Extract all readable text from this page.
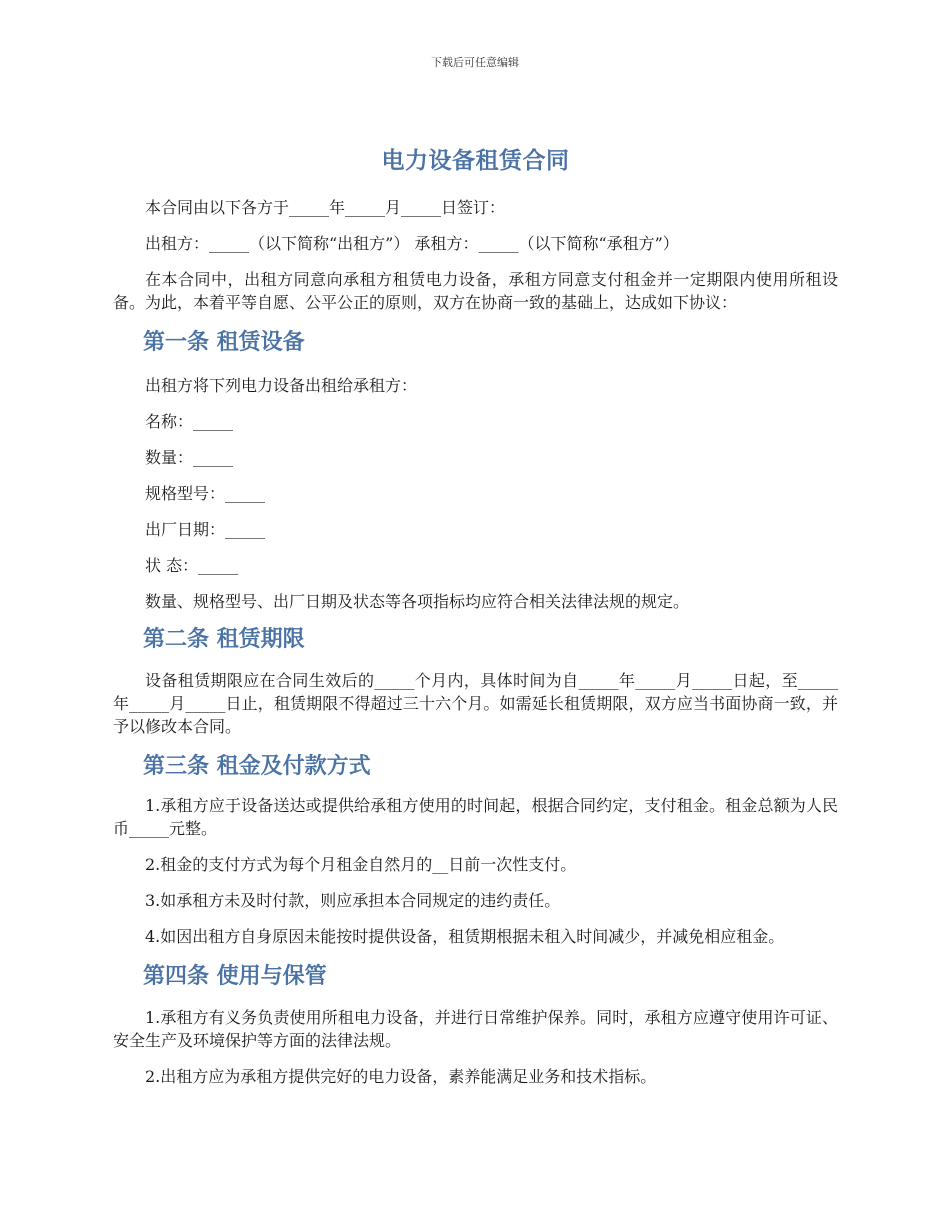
下载后可任意编辑
电力设备租赁合同

本合同由以下各方于_____年_____月_____日签订：

出租方：_____（以下简称“出租方”） 承租方：_____（以下简称“承租方”）

在本合同中，出租方同意向承租方租赁电力设备，承租方同意支付租金并一定期限内使用所租设备。为此，本着平等自愿、公平公正的原则，双方在协商一致的基础上，达成如下协议：

第一条 租赁设备

出租方将下列电力设备出租给承租方：

名称：_____

数量：_____

规格型号：_____

出厂日期：_____

状 态：_____

数量、规格型号、出厂日期及状态等各项指标均应符合相关法律法规的规定。

第二条 租赁期限

设备租赁期限应在合同生效后的_____个月内，具体时间为自_____年_____月_____日起，至_____年_____月_____日止，租赁期限不得超过三十六个月。如需延长租赁期限，双方应当书面协商一致，并予以修改本合同。

第三条 租金及付款方式

1.承租方应于设备送达或提供给承租方使用的时间起，根据合同约定，支付租金。租金总额为人民币_____元整。

2.租金的支付方式为每个月租金自然月的__日前一次性支付。

3.如承租方未及时付款，则应承担本合同规定的违约责任。

4.如因出租方自身原因未能按时提供设备，租赁期根据未租入时间减少，并减免相应租金。

第四条 使用与保管

1.承租方有义务负责使用所租电力设备，并进行日常维护保养。同时，承租方应遵守使用许可证、安全生产及环境保护等方面的法律法规。

2.出租方应为承租方提供完好的电力设备，素养能满足业务和技术指标。
